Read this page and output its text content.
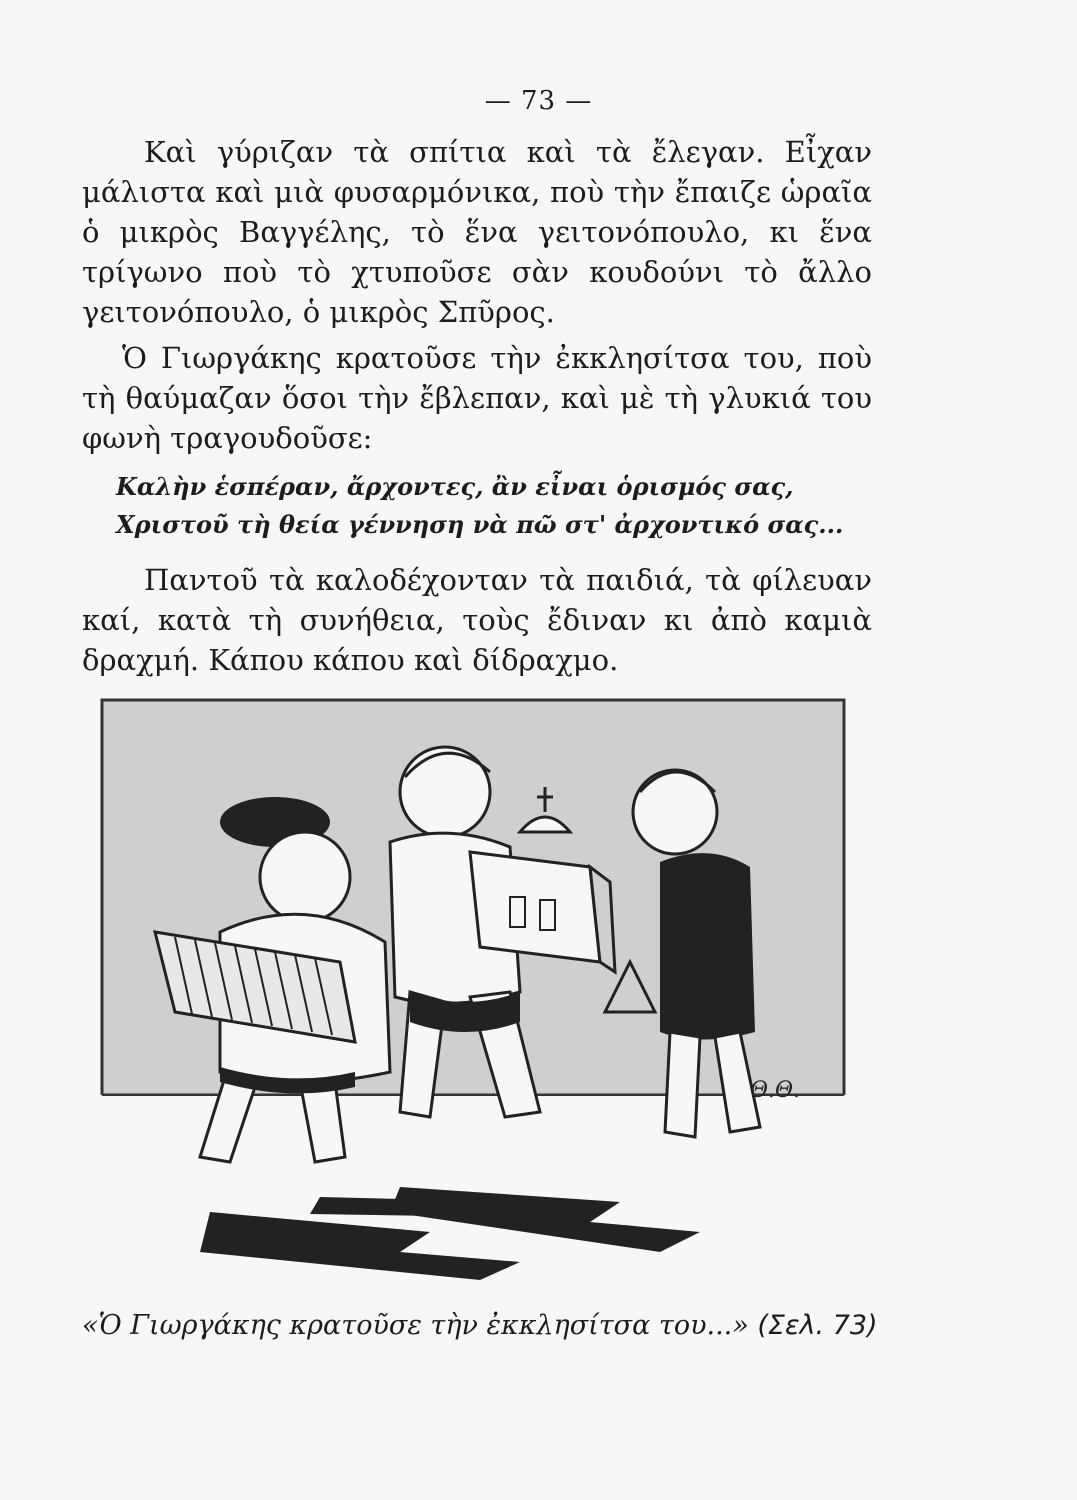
— 73 —

Καὶ γύριζαν τὰ σπίτια καὶ τὰ ἔλεγαν. Εἶχαν μάλιστα καὶ μιὰ φυσαρμόνικα, ποὺ τὴν ἔπαιζε ὡραῖα ὁ μικρὸς Βαγγέλης, τὸ ἕνα γειτονόπουλο, κι ἕνα τρίγωνο ποὺ τὸ χτυποῦσε σὰν κουδούνι τὸ ἄλλο γειτονόπουλο, ὁ μικρὸς Σπῦρος.

Ὁ Γιωργάκης κρατοῦσε τὴν ἐκκλησίτσα του, ποὺ τὴ θαύμαζαν ὅσοι τὴν ἔβλεπαν, καὶ μὲ τὴ γλυκιά του φωνὴ τραγουδοῦσε:

Καλὴν ἑσπέραν, ἄρχοντες, ἂν εἶναι ὁρισμός σας,
Χριστοῦ τὴ θεία γέννηση νὰ πῶ στ' ἀρχοντικό σας...

Παντοῦ τὰ καλοδέχονταν τὰ παιδιά, τὰ φίλευαν καί, κατὰ τὴ συνήθεια, τοὺς ἔδιναν κι ἀπὸ καμιὰ δραχμή. Κάπου κάπου καὶ δίδραχμο.

Θ.Θ.
«Ὁ Γιωργάκης κρατοῦσε τὴν ἐκκλησίτσα του...» (Σελ. 73)
